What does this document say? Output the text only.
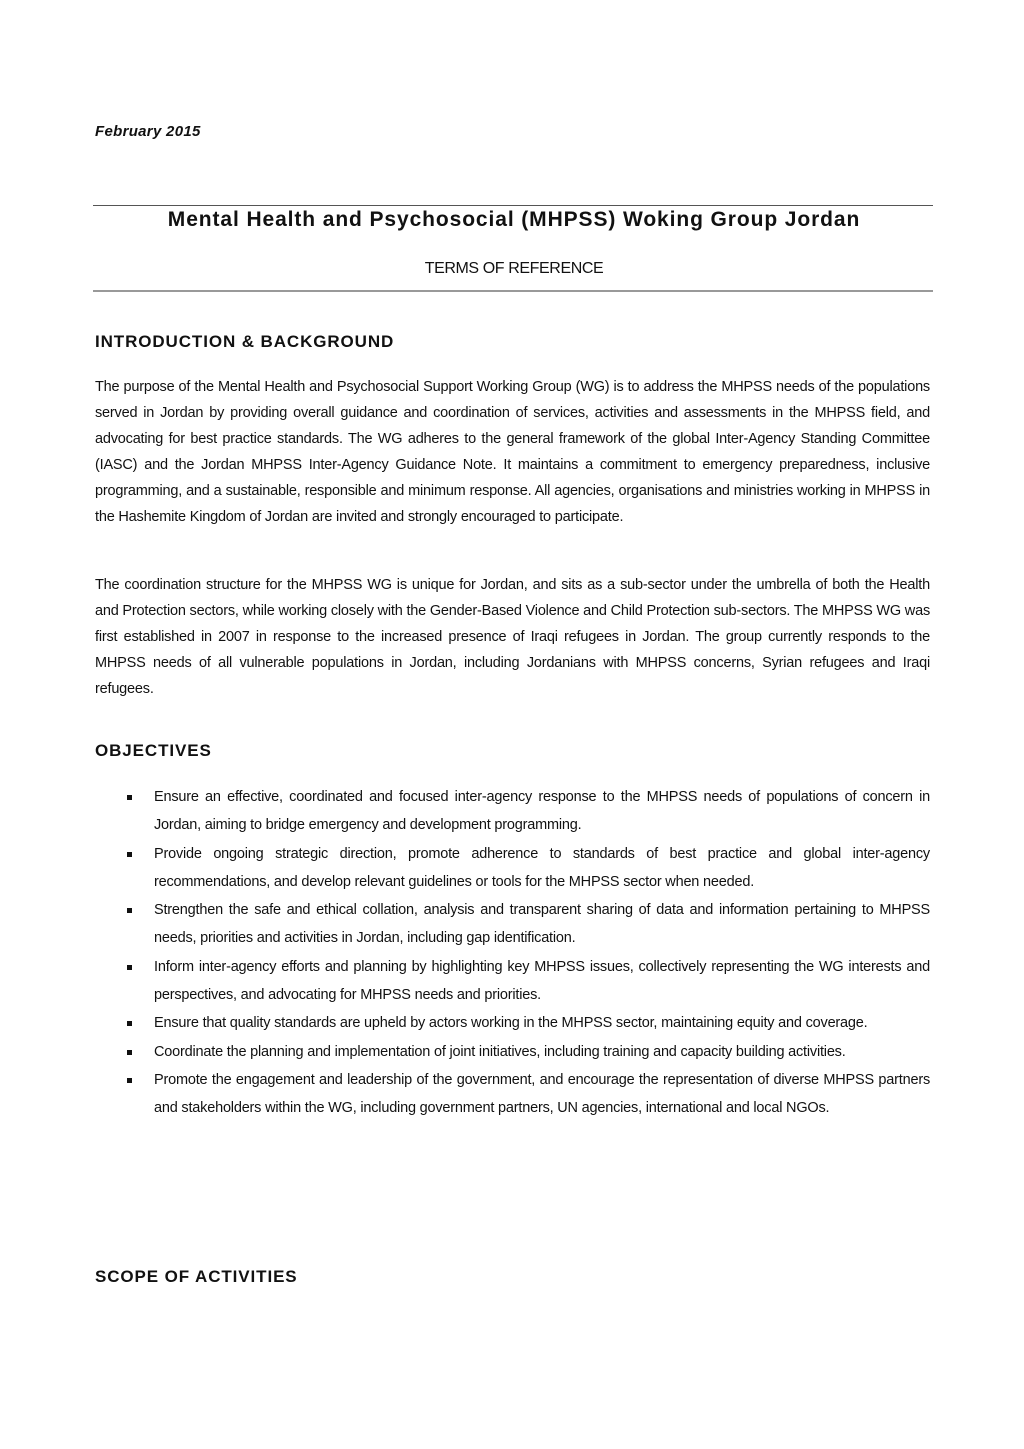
February 2015
Mental Health and Psychosocial (MHPSS) Woking Group Jordan
TERMS OF REFERENCE
INTRODUCTION & BACKGROUND

The purpose of the Mental Health and Psychosocial Support Working Group (WG) is to address the MHPSS needs of the populations served in Jordan by providing overall guidance and coordination of services, activities and assessments in the MHPSS field, and advocating for best practice standards. The WG adheres to the general framework of the global Inter-Agency Standing Committee (IASC) and the Jordan MHPSS Inter-Agency Guidance Note. It maintains a commitment to emergency preparedness, inclusive programming, and a sustainable, responsible and minimum response. All agencies, organisations and ministries working in MHPSS in the Hashemite Kingdom of Jordan are invited and strongly encouraged to participate.

The coordination structure for the MHPSS WG is unique for Jordan, and sits as a sub-sector under the umbrella of both the Health and Protection sectors, while working closely with the Gender-Based Violence and Child Protection sub-sectors. The MHPSS WG was first established in 2007 in response to the increased presence of Iraqi refugees in Jordan. The group currently responds to the MHPSS needs of all vulnerable populations in Jordan, including Jordanians with MHPSS concerns, Syrian refugees and Iraqi refugees.

OBJECTIVES
Ensure an effective, coordinated and focused inter-agency response to the MHPSS needs of populations of concern in Jordan, aiming to bridge emergency and development programming.
Provide ongoing strategic direction, promote adherence to standards of best practice and global inter-agency recommendations, and develop relevant guidelines or tools for the MHPSS sector when needed.
Strengthen the safe and ethical collation, analysis and transparent sharing of data and information pertaining to MHPSS needs, priorities and activities in Jordan, including gap identification.
Inform inter-agency efforts and planning by highlighting key MHPSS issues, collectively representing the WG interests and perspectives, and advocating for MHPSS needs and priorities.
Ensure that quality standards are upheld by actors working in the MHPSS sector, maintaining equity and coverage.
Coordinate the planning and implementation of joint initiatives, including training and capacity building activities.
Promote the engagement and leadership of the government, and encourage the representation of diverse MHPSS partners and stakeholders within the WG, including government partners, UN agencies, international and local NGOs.
SCOPE OF ACTIVITIES
